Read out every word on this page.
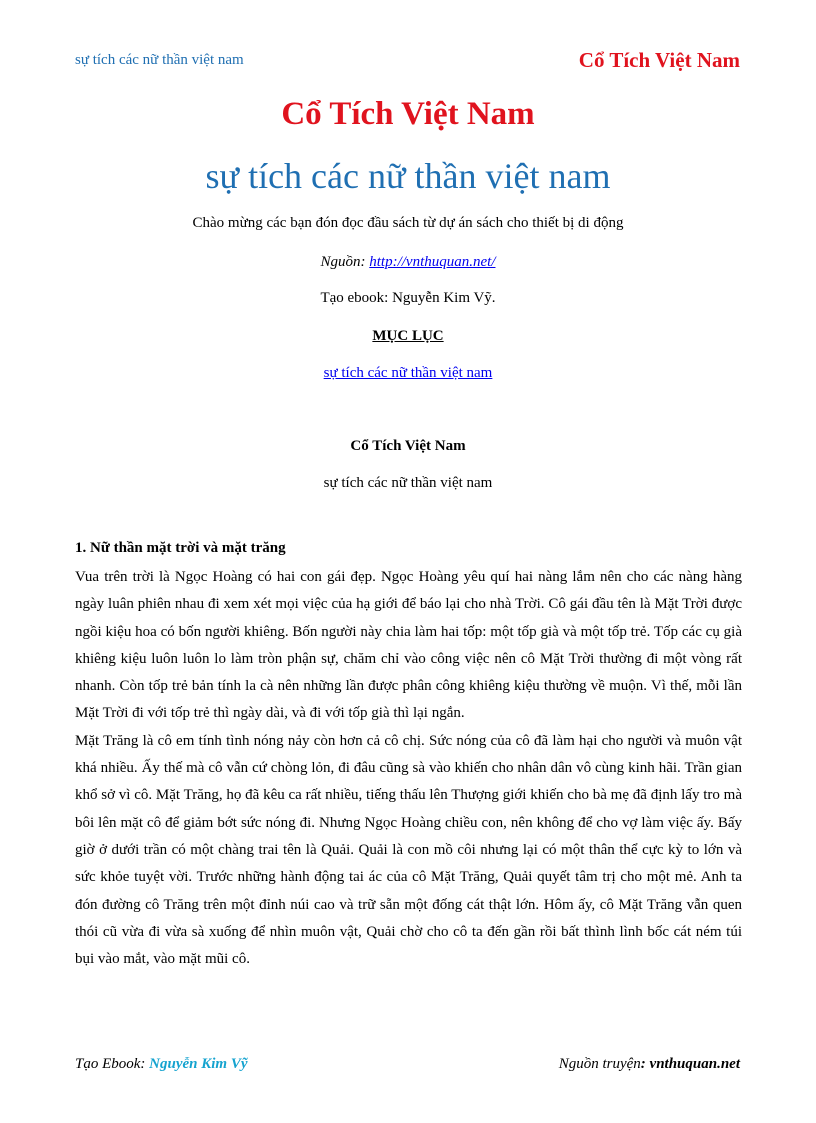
sự tích các nữ thần việt nam	Cổ Tích Việt Nam
Cổ Tích Việt Nam
sự tích các nữ thần việt nam
Chào mừng các bạn đón đọc đầu sách từ dự án sách cho thiết bị di động
Nguồn: http://vnthuquan.net/
Tạo ebook: Nguyễn Kim Vỹ.
MỤC LỤC
sự tích các nữ thần việt nam
Cổ Tích Việt Nam
sự tích các nữ thần việt nam
1. Nữ thần mặt trời và mặt trăng

Vua trên trời là Ngọc Hoàng có hai con gái đẹp. Ngọc Hoàng yêu quí hai nàng lắm nên cho các nàng hàng ngày luân phiên nhau đi xem xét mọi việc của hạ giới để báo lại cho nhà Trời. Cô gái đầu tên là Mặt Trời được ngồi kiệu hoa có bốn người khiêng. Bốn người này chia làm hai tốp: một tốp già và một tốp trẻ. Tốp các cụ già khiêng kiệu luôn luôn lo làm tròn phận sự, chăm chỉ vào công việc nên cô Mặt Trời thường đi một vòng rất nhanh. Còn tốp trẻ bản tính la cà nên những lần được phân công khiêng kiệu thường về muộn. Vì thế, mỗi lần Mặt Trời đi với tốp trẻ thì ngày dài, và đi với tốp già thì lại ngắn.

Mặt Trăng là cô em tính tình nóng nảy còn hơn cả cô chị. Sức nóng của cô đã làm hại cho người và muôn vật khá nhiều. Ấy thế mà cô vẫn cứ chòng lỏn, đi đâu cũng sà vào khiến cho nhân dân vô cùng kinh hãi. Trần gian khổ sở vì cô. Mặt Trăng, họ đã kêu ca rất nhiều, tiếng thấu lên Thượng giới khiến cho bà mẹ đã định lấy tro mà bôi lên mặt cô để giảm bớt sức nóng đi. Nhưng Ngọc Hoàng chiều con, nên không để cho vợ làm việc ấy. Bấy giờ ở dưới trần có một chàng trai tên là Quải. Quải là con mồ côi nhưng lại có một thân thể cực kỳ to lớn và sức khỏe tuyệt vời. Trước những hành động tai ác của cô Mặt Trăng, Quải quyết tâm trị cho một mẻ. Anh ta đón đường cô Trăng trên một đỉnh núi cao và trữ sẵn một đống cát thật lớn. Hôm ấy, cô Mặt Trăng vẫn quen thói cũ vừa đi vừa sà xuống để nhìn muôn vật, Quải chờ cho cô ta đến gần rồi bất thình lình bốc cát ném túi bụi vào mắt, vào mặt mũi cô.

Tạo Ebook: Nguyễn Kim Vỹ	Nguồn truyện: vnthuquan.net
